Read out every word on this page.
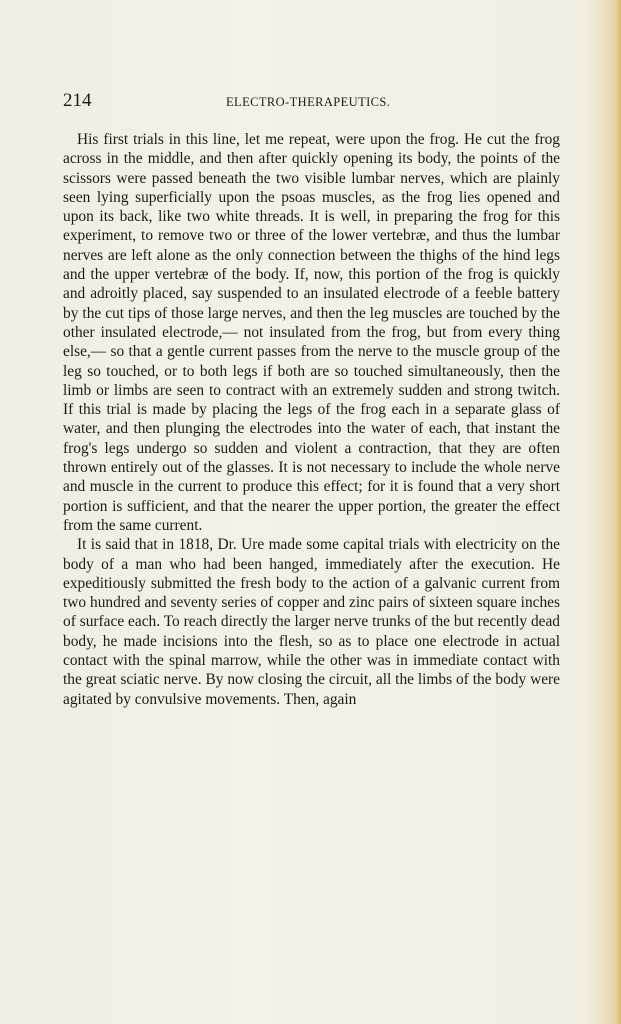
214	ELECTRO-THERAPEUTICS.

His first trials in this line, let me repeat, were upon the frog. He cut the frog across in the middle, and then after quickly opening its body, the points of the scissors were passed beneath the two visible lumbar nerves, which are plainly seen lying superficially upon the psoas muscles, as the frog lies opened and upon its back, like two white threads. It is well, in preparing the frog for this experiment, to remove two or three of the lower vertebræ, and thus the lumbar nerves are left alone as the only connection between the thighs of the hind legs and the upper vertebræ of the body. If, now, this portion of the frog is quickly and adroitly placed, say suspended to an insulated electrode of a feeble battery by the cut tips of those large nerves, and then the leg muscles are touched by the other insulated electrode,— not insulated from the frog, but from every thing else,— so that a gentle current passes from the nerve to the muscle group of the leg so touched, or to both legs if both are so touched simultaneously, then the limb or limbs are seen to contract with an extremely sudden and strong twitch. If this trial is made by placing the legs of the frog each in a separate glass of water, and then plunging the electrodes into the water of each, that instant the frog's legs undergo so sudden and violent a contraction, that they are often thrown entirely out of the glasses. It is not necessary to include the whole nerve and muscle in the current to produce this effect; for it is found that a very short portion is sufficient, and that the nearer the upper portion, the greater the effect from the same current.

It is said that in 1818, Dr. Ure made some capital trials with electricity on the body of a man who had been hanged, immediately after the execution. He expeditiously submitted the fresh body to the action of a galvanic current from two hundred and seventy series of copper and zinc pairs of sixteen square inches of surface each. To reach directly the larger nerve trunks of the but recently dead body, he made incisions into the flesh, so as to place one electrode in actual contact with the spinal marrow, while the other was in immediate contact with the great sciatic nerve. By now closing the circuit, all the limbs of the body were agitated by convulsive movements. Then, again
